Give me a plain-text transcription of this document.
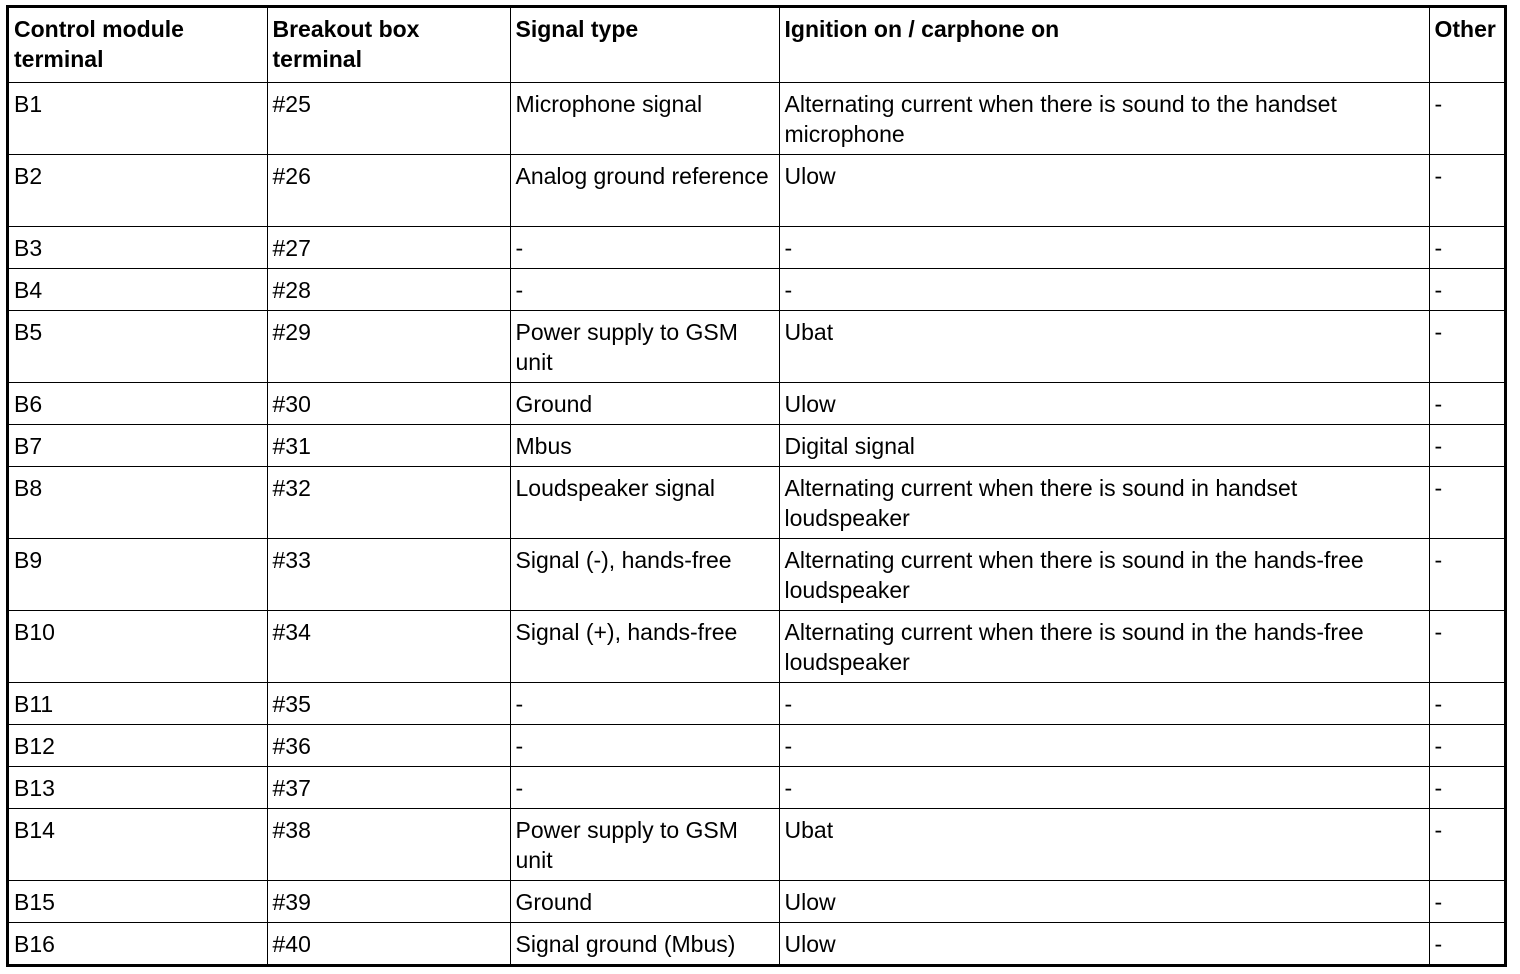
Control module terminal	Breakout box terminal	Signal type	Ignition on / carphone on	Other
B1	#25	Microphone signal	Alternating current when there is sound to the handset microphone	-
B2	#26	Analog ground reference	Ulow	-
B3	#27	-	-	-
B4	#28	-	-	-
B5	#29	Power supply to GSM unit	Ubat	-
B6	#30	Ground	Ulow	-
B7	#31	Mbus	Digital signal	-
B8	#32	Loudspeaker signal	Alternating current when there is sound in handset loudspeaker	-
B9	#33	Signal (-), hands-free	Alternating current when there is sound in the hands-free loudspeaker	-
B10	#34	Signal (+), hands-free	Alternating current when there is sound in the hands-free loudspeaker	-
B11	#35	-	-	-
B12	#36	-	-	-
B13	#37	-	-	-
B14	#38	Power supply to GSM unit	Ubat	-
B15	#39	Ground	Ulow	-
B16	#40	Signal ground (Mbus)	Ulow	-
